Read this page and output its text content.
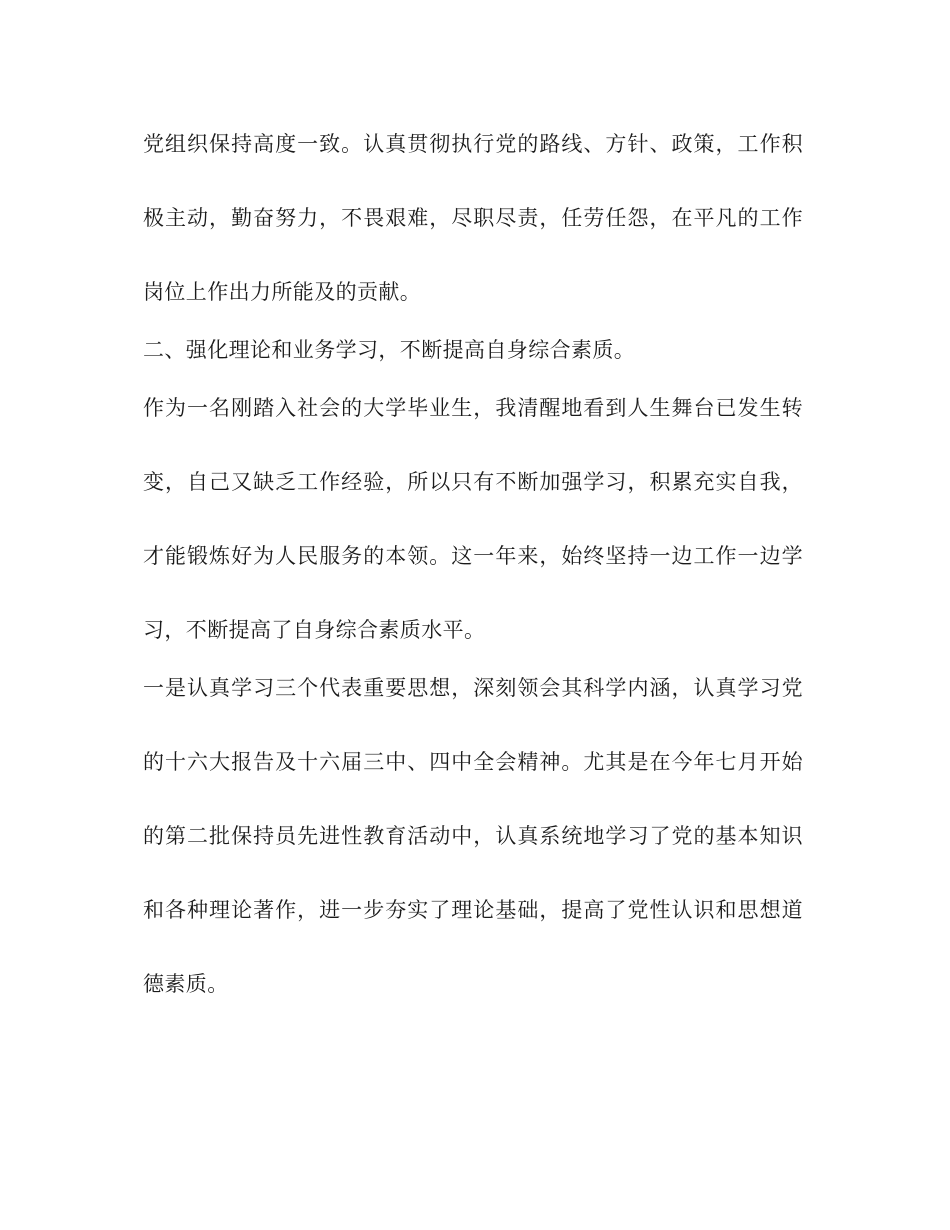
党组织保持高度一致。认真贯彻执行党的路线、方针、政策，工作积
极主动，勤奋努力，不畏艰难，尽职尽责，任劳任怨，在平凡的工作
岗位上作出力所能及的贡献。
二、强化理论和业务学习，不断提高自身综合素质。
作为一名刚踏入社会的大学毕业生，我清醒地看到人生舞台已发生转
变，自己又缺乏工作经验，所以只有不断加强学习，积累充实自我，
才能锻炼好为人民服务的本领。这一年来，始终坚持一边工作一边学
习，不断提高了自身综合素质水平。
一是认真学习三个代表重要思想，深刻领会其科学内涵，认真学习党
的十六大报告及十六届三中、四中全会精神。尤其是在今年七月开始
的第二批保持员先进性教育活动中，认真系统地学习了党的基本知识
和各种理论著作，进一步夯实了理论基础，提高了党性认识和思想道
德素质。
